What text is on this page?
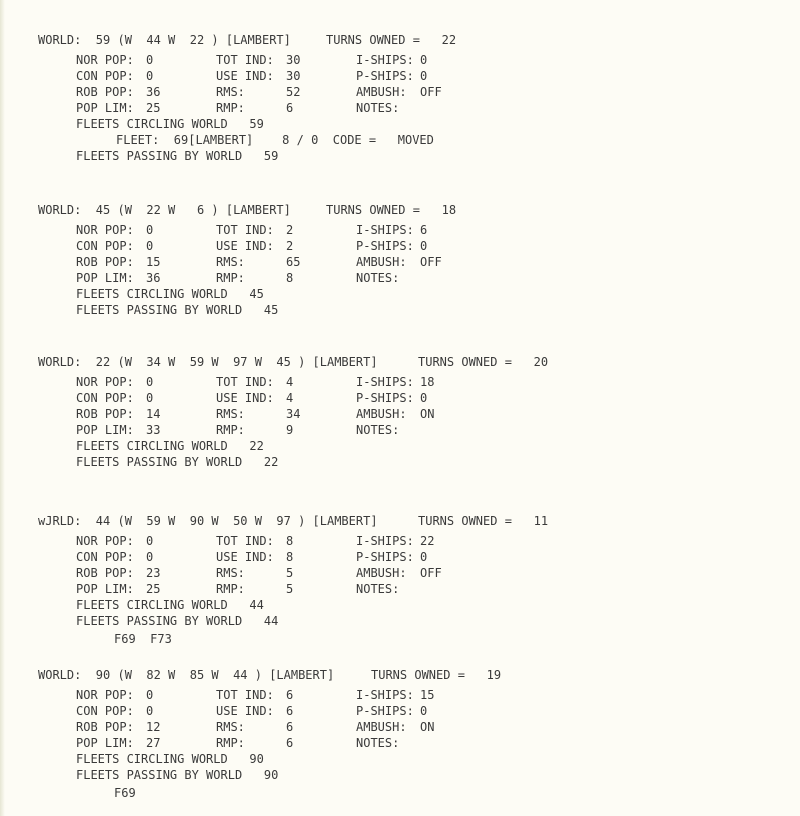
WORLD:  59 (W  44 W  22 ) [LAMBERT]	TURNS OWNED =   22
NOR POP: 0	TOT IND: 30	I-SHIPS: 0
CON POP: 0	USE IND: 30	P-SHIPS: 0
ROB POP: 36	RMS:	52	AMBUSH: OFF
POP LIM: 25	RMP:	6	NOTES:
FLEETS CIRCLING WORLD   59
FLEET:  69[LAMBERT]    8 / 0  CODE =   MOVED
FLEETS PASSING BY WORLD   59
WORLD:  45 (W  22 W   6 ) [LAMBERT]	TURNS OWNED =   18
NOR POP: 0	TOT IND: 2	I-SHIPS: 6
CON POP: 0	USE IND: 2	P-SHIPS: 0
ROB POP: 15	RMS:	65	AMBUSH: OFF
POP LIM: 36	RMP:	8	NOTES:
FLEETS CIRCLING WORLD   45
FLEETS PASSING BY WORLD   45
WORLD:  22 (W  34 W  59 W  97 W  45 ) [LAMBERT]	TURNS OWNED =   20
NOR POP: 0	TOT IND: 4	I-SHIPS: 18
CON POP: 0	USE IND: 4	P-SHIPS: 0
ROB POP: 14	RMS:	34	AMBUSH: ON
POP LIM: 33	RMP:	9	NOTES:
FLEETS CIRCLING WORLD   22
FLEETS PASSING BY WORLD   22
wJRLD:  44 (W  59 W  90 W  50 W  97 ) [LAMBERT]	TURNS OWNED =   11
NOR POP: 0	TOT IND: 8	I-SHIPS: 22
CON POP: 0	USE IND: 8	P-SHIPS: 0
ROB POP: 23	RMS:	5	AMBUSH: OFF
POP LIM: 25	RMP:	5	NOTES:
FLEETS CIRCLING WORLD   44
FLEETS PASSING BY WORLD   44
F69  F73
WORLD:  90 (W  82 W  85 W  44 ) [LAMBERT]	TURNS OWNED =   19
NOR POP: 0	TOT IND: 6	I-SHIPS: 15
CON POP: 0	USE IND: 6	P-SHIPS: 0
ROB POP: 12	RMS:	6	AMBUSH: ON
POP LIM: 27	RMP:	6	NOTES:
FLEETS CIRCLING WORLD   90
FLEETS PASSING BY WORLD   90
F69
